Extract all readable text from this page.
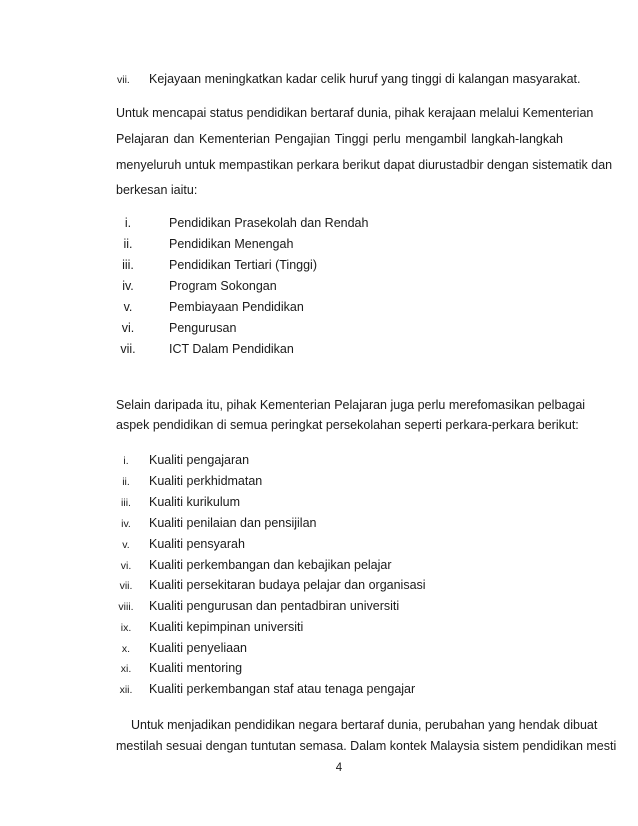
vii. Kejayaan meningkatkan kadar celik huruf yang tinggi di kalangan masyarakat.
Untuk mencapai status pendidikan bertaraf dunia, pihak kerajaan melalui Kementerian
Pelajaran dan Kementerian Pengajian Tinggi perlu mengambil langkah-langkah
menyeluruh untuk mempastikan perkara berikut dapat diurustadbir dengan sistematik dan
berkesan iaitu:
i.	Pendidikan Prasekolah dan Rendah
ii.	Pendidikan Menengah
iii.	Pendidikan Tertiari (Tinggi)
iv.	Program Sokongan
v.	Pembiayaan Pendidikan
vi.	Pengurusan
vii.	ICT Dalam Pendidikan
Selain daripada itu, pihak Kementerian Pelajaran juga perlu merefomasikan pelbagai
aspek pendidikan di semua peringkat persekolahan seperti perkara-perkara berikut:
i.	Kualiti pengajaran
ii.	Kualiti perkhidmatan
iii.	Kualiti kurikulum
iv.	Kualiti penilaian dan pensijilan
v.	Kualiti pensyarah
vi.	Kualiti perkembangan dan kebajikan pelajar
vii.	Kualiti persekitaran budaya pelajar dan organisasi
viii.	Kualiti pengurusan dan pentadbiran universiti
ix.	Kualiti kepimpinan universiti
x.	Kualiti penyeliaan
xi.	Kualiti mentoring
xii.	Kualiti perkembangan staf atau tenaga pengajar
Untuk menjadikan pendidikan negara bertaraf dunia, perubahan yang hendak dibuat
mestilah sesuai dengan tuntutan semasa. Dalam kontek Malaysia sistem pendidikan mesti
4
